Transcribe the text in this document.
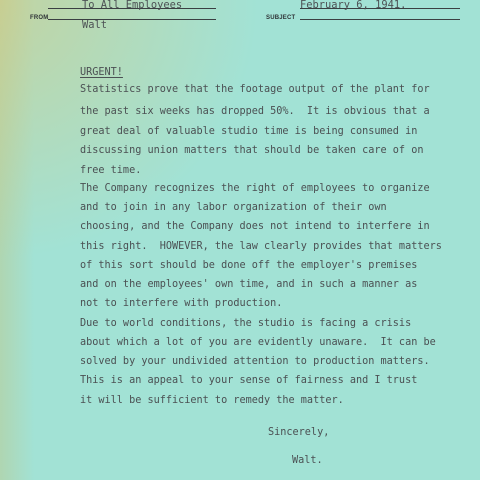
To All Employees	February 6, 1941.
FROM
Walt
SUBJECT
URGENT!
Statistics prove that the footage output of the plant for
the past six weeks has dropped 50%.  It is obvious that a
great deal of valuable studio time is being consumed in
discussing union matters that should be taken care of on
free time.
The Company recognizes the right of employees to organize
and to join in any labor organization of their own
choosing, and the Company does not intend to interfere in
this right.  HOWEVER, the law clearly provides that matters
of this sort should be done off the employer's premises
and on the employees' own time, and in such a manner as
not to interfere with production.
Due to world conditions, the studio is facing a crisis
about which a lot of you are evidently unaware.  It can be
solved by your undivided attention to production matters.
This is an appeal to your sense of fairness and I trust
it will be sufficient to remedy the matter.
Sincerely,
Walt.
